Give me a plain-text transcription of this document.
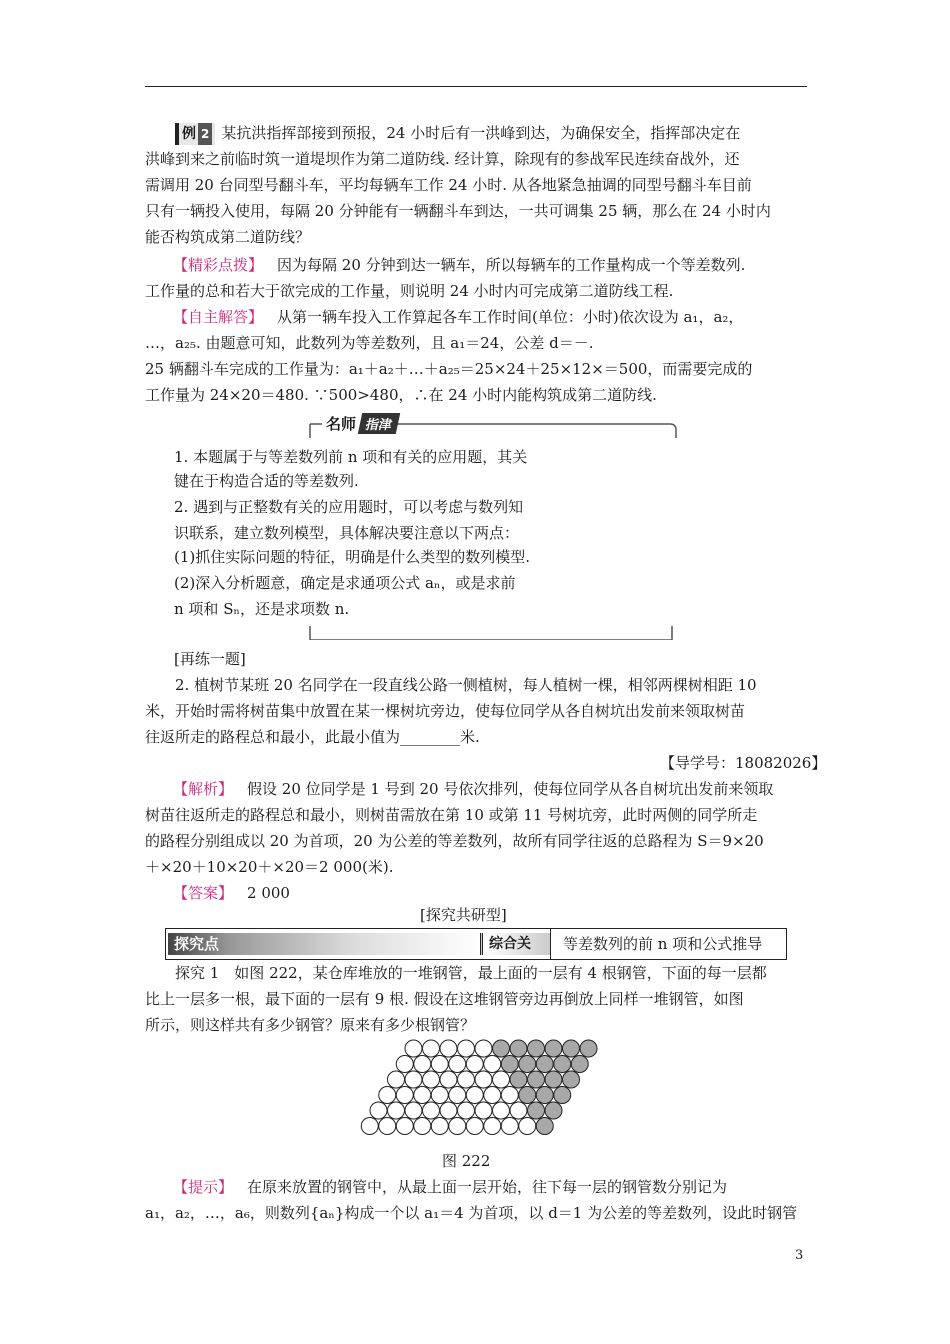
例 2 某抗洪指挥部接到预报，24 小时后有一洪峰到达，为确保安全，指挥部决定在
洪峰到来之前临时筑一道堤坝作为第二道防线. 经计算，除现有的参战军民连续奋战外，还
需调用 20 台同型号翻斗车，平均每辆车工作 24 小时. 从各地紧急抽调的同型号翻斗车目前
只有一辆投入使用，每隔 20 分钟能有一辆翻斗车到达，一共可调集 25 辆，那么在 24 小时内
能否构筑成第二道防线？
【精彩点拨】 因为每隔 20 分钟到达一辆车，所以每辆车的工作量构成一个等差数列.
工作量的总和若大于欲完成的工作量，则说明 24 小时内可完成第二道防线工程.
【自主解答】 从第一辆车投入工作算起各车工作时间(单位：小时)依次设为 a₁，a₂，
…，a₂₅. 由题意可知，此数列为等差数列，且 a₁＝24，公差 d＝－.
25 辆翻斗车完成的工作量为：a₁＋a₂＋…＋a₂₅＝25×24＋25×12×＝500，而需要完成的
工作量为 24×20＝480. ∵500>480，∴在 24 小时内能构筑成第二道防线.
名师 指津
1. 本题属于与等差数列前 n 项和有关的应用题，其关
键在于构造合适的等差数列.
2. 遇到与正整数有关的应用题时，可以考虑与数列知
识联系，建立数列模型，具体解决要注意以下两点：
(1)抓住实际问题的特征，明确是什么类型的数列模型.
(2)深入分析题意，确定是求通项公式 aₙ，或是求前
n 项和 Sₙ，还是求项数 n.
[再练一题]
2. 植树节某班 20 名同学在一段直线公路一侧植树，每人植树一棵，相邻两棵树相距 10
米，开始时需将树苗集中放置在某一棵树坑旁边，使每位同学从各自树坑出发前来领取树苗
往返所走的路程总和最小，此最小值为________米.
【导学号：18082026】
【解析】 假设 20 位同学是 1 号到 20 号依次排列，使每位同学从各自树坑出发前来领取
树苗往返所走的路程总和最小，则树苗需放在第 10 或第 11 号树坑旁，此时两侧的同学所走
的路程分别组成以 20 为首项，20 为公差的等差数列，故所有同学往返的总路程为 S＝9×20
＋×20＋10×20＋×20＝2 000(米).
【答案】 2 000
[探究共研型]
探究点	综合关	等差数列的前 n 项和公式推导
探究 1　如图 222，某仓库堆放的一堆钢管，最上面的一层有 4 根钢管，下面的每一层都
比上一层多一根，最下面的一层有 9 根. 假设在这堆钢管旁边再倒放上同样一堆钢管，如图
所示，则这样共有多少钢管？原来有多少根钢管？
图 222
【提示】 在原来放置的钢管中，从最上面一层开始，往下每一层的钢管数分别记为
a₁，a₂，…，a₆，则数列{aₙ}构成一个以 a₁＝4 为首项，以 d＝1 为公差的等差数列，设此时钢管
3
